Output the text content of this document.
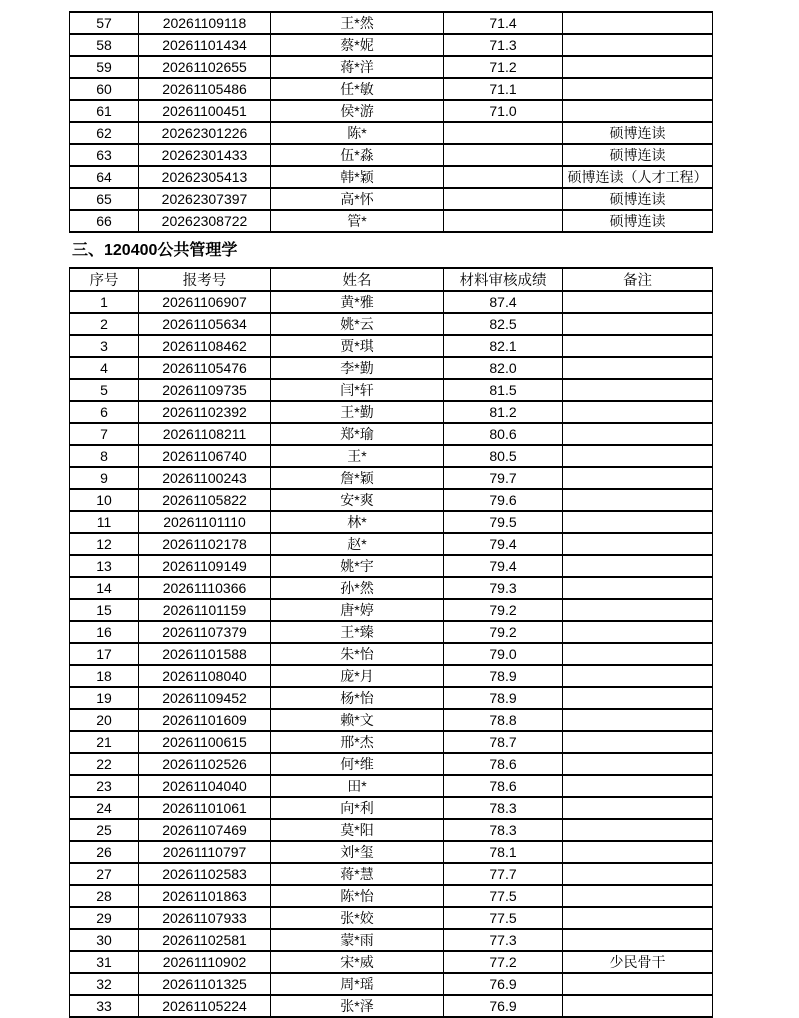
57	20261109118	王*然	71.4	
58	20261101434	蔡*妮	71.3	
59	20261102655	蒋*洋	71.2	
60	20261105486	任*敏	71.1	
61	20261100451	侯*游	71.0	
62	20262301226	陈*		硕博连读
63	20262301433	伍*淼		硕博连读
64	20262305413	韩*颖		硕博连读（人才工程）
65	20262307397	高*怀		硕博连读
66	20262308722	管*		硕博连读
三、120400公共管理学
序号	报考号	姓名	材料审核成绩	备注
1	20261106907	黄*雅	87.4	
2	20261105634	姚*云	82.5	
3	20261108462	贾*琪	82.1	
4	20261105476	李*勤	82.0	
5	20261109735	闫*轩	81.5	
6	20261102392	王*勤	81.2	
7	20261108211	郑*瑜	80.6	
8	20261106740	王*	80.5	
9	20261100243	詹*颖	79.7	
10	20261105822	安*爽	79.6	
11	20261101110	林*	79.5	
12	20261102178	赵*	79.4	
13	20261109149	姚*宇	79.4	
14	20261110366	孙*然	79.3	
15	20261101159	唐*婷	79.2	
16	20261107379	王*臻	79.2	
17	20261101588	朱*怡	79.0	
18	20261108040	庞*月	78.9	
19	20261109452	杨*怡	78.9	
20	20261101609	赖*文	78.8	
21	20261100615	邢*杰	78.7	
22	20261102526	何*维	78.6	
23	20261104040	田*	78.6	
24	20261101061	向*利	78.3	
25	20261107469	莫*阳	78.3	
26	20261110797	刘*玺	78.1	
27	20261102583	蒋*慧	77.7	
28	20261101863	陈*怡	77.5	
29	20261107933	张*姣	77.5	
30	20261102581	蒙*雨	77.3	
31	20261110902	宋*威	77.2	少民骨干
32	20261101325	周*瑶	76.9	
33	20261105224	张*泽	76.9	
